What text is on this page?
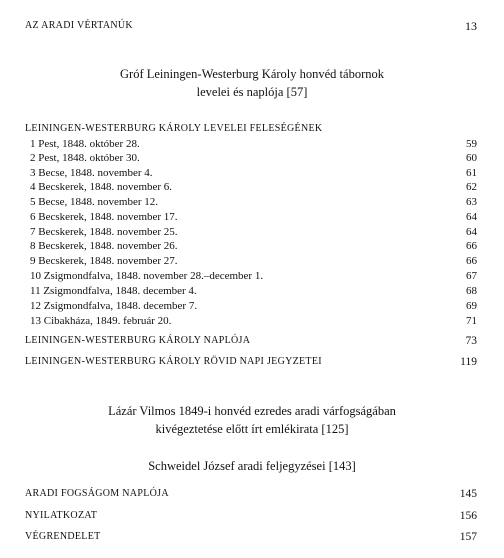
AZ ARADI VÉRTANÚK	13
Gróf Leiningen-Westerburg Károly honvéd tábornok
levelei és naplója [57]
LEININGEN-WESTERBURG KÁROLY LEVELEI FELESÉGÉNEK
1 Pest, 1848. október 28.	59
2 Pest, 1848. október 30.	60
3 Becse, 1848. november 4.	61
4 Becskerek, 1848. november 6.	62
5 Becse, 1848. november 12.	63
6 Becskerek, 1848. november 17.	64
7 Becskerek, 1848. november 25.	64
8 Becskerek, 1848. november 26.	66
9 Becskerek, 1848. november 27.	66
10 Zsigmondfalva, 1848. november 28.–december 1.	67
11 Zsigmondfalva, 1848. december 4.	68
12 Zsigmondfalva, 1848. december 7.	69
13 Cibakháza, 1849. február 20.	71
LEININGEN-WESTERBURG KÁROLY NAPLÓJA	73
LEININGEN-WESTERBURG KÁROLY RÖVID NAPI JEGYZETEI	119
Lázár Vilmos 1849-i honvéd ezredes aradi várfogságában
kivégeztetése előtt írt emlékirata [125]
Schweidel József aradi feljegyzései [143]
ARADI FOGSÁGOM NAPLÓJA	145
NYILATKOZAT	156
VÉGRENDELET	157
